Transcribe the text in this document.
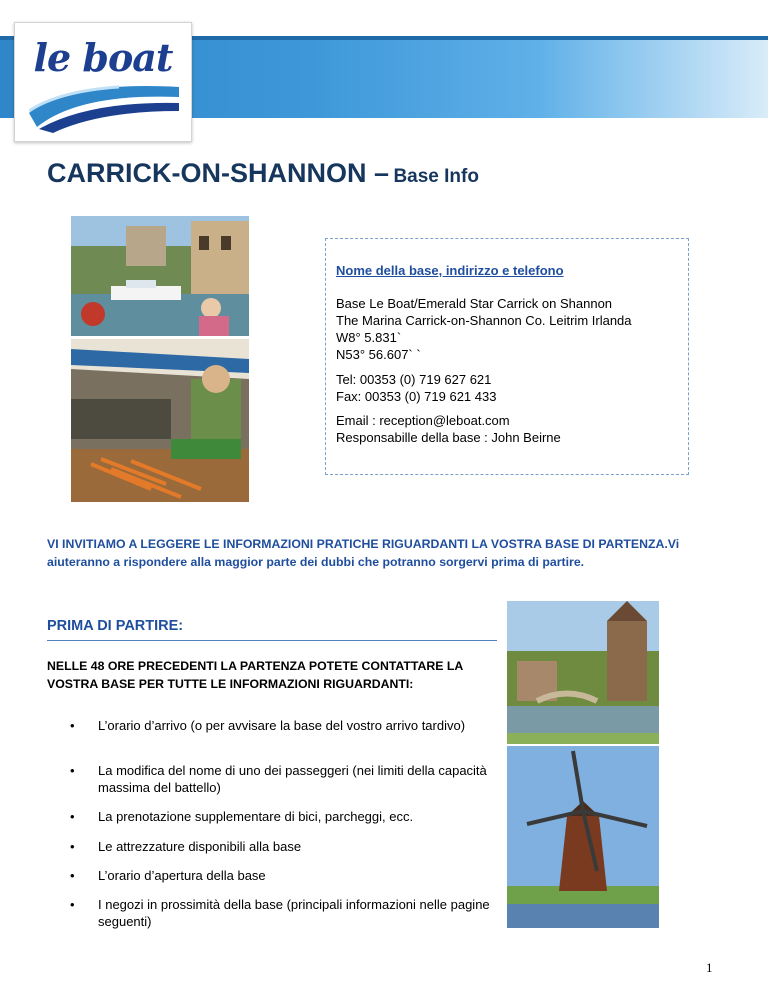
le boat
CARRICK-ON-SHANNON – Base Info
Nome della base, indirizzo e telefono
Base Le Boat/Emerald Star Carrick on Shannon
The Marina Carrick-on-Shannon Co. Leitrim Irlanda
W8° 5.831`
N53° 56.607` `
Tel: 00353 (0) 719 627 621
Fax: 00353 (0) 719 621 433
Email : reception@leboat.com
Responsabille della base : John Beirne
VI INVITIAMO A LEGGERE LE INFORMAZIONI PRATICHE RIGUARDANTI LA VOSTRA BASE DI PARTENZA.Vi aiuteranno a rispondere alla maggior parte dei dubbi che potranno sorgervi prima di partire.
PRIMA DI PARTIRE:
NELLE 48 ORE PRECEDENTI LA PARTENZA POTETE CONTATTARE LA VOSTRA BASE PER TUTTE LE INFORMAZIONI RIGUARDANTI:
• L’orario d’arrivo (o per avvisare la base del vostro arrivo tardivo)
• La modifica del nome di uno dei passeggeri (nei limiti della capacità massima del battello)
• La prenotazione supplementare di bici, parcheggi, ecc.
• Le attrezzature disponibili alla base
• L’orario d’apertura della base
• I negozi in prossimità della base (principali informazioni nelle pagine seguenti)
1
